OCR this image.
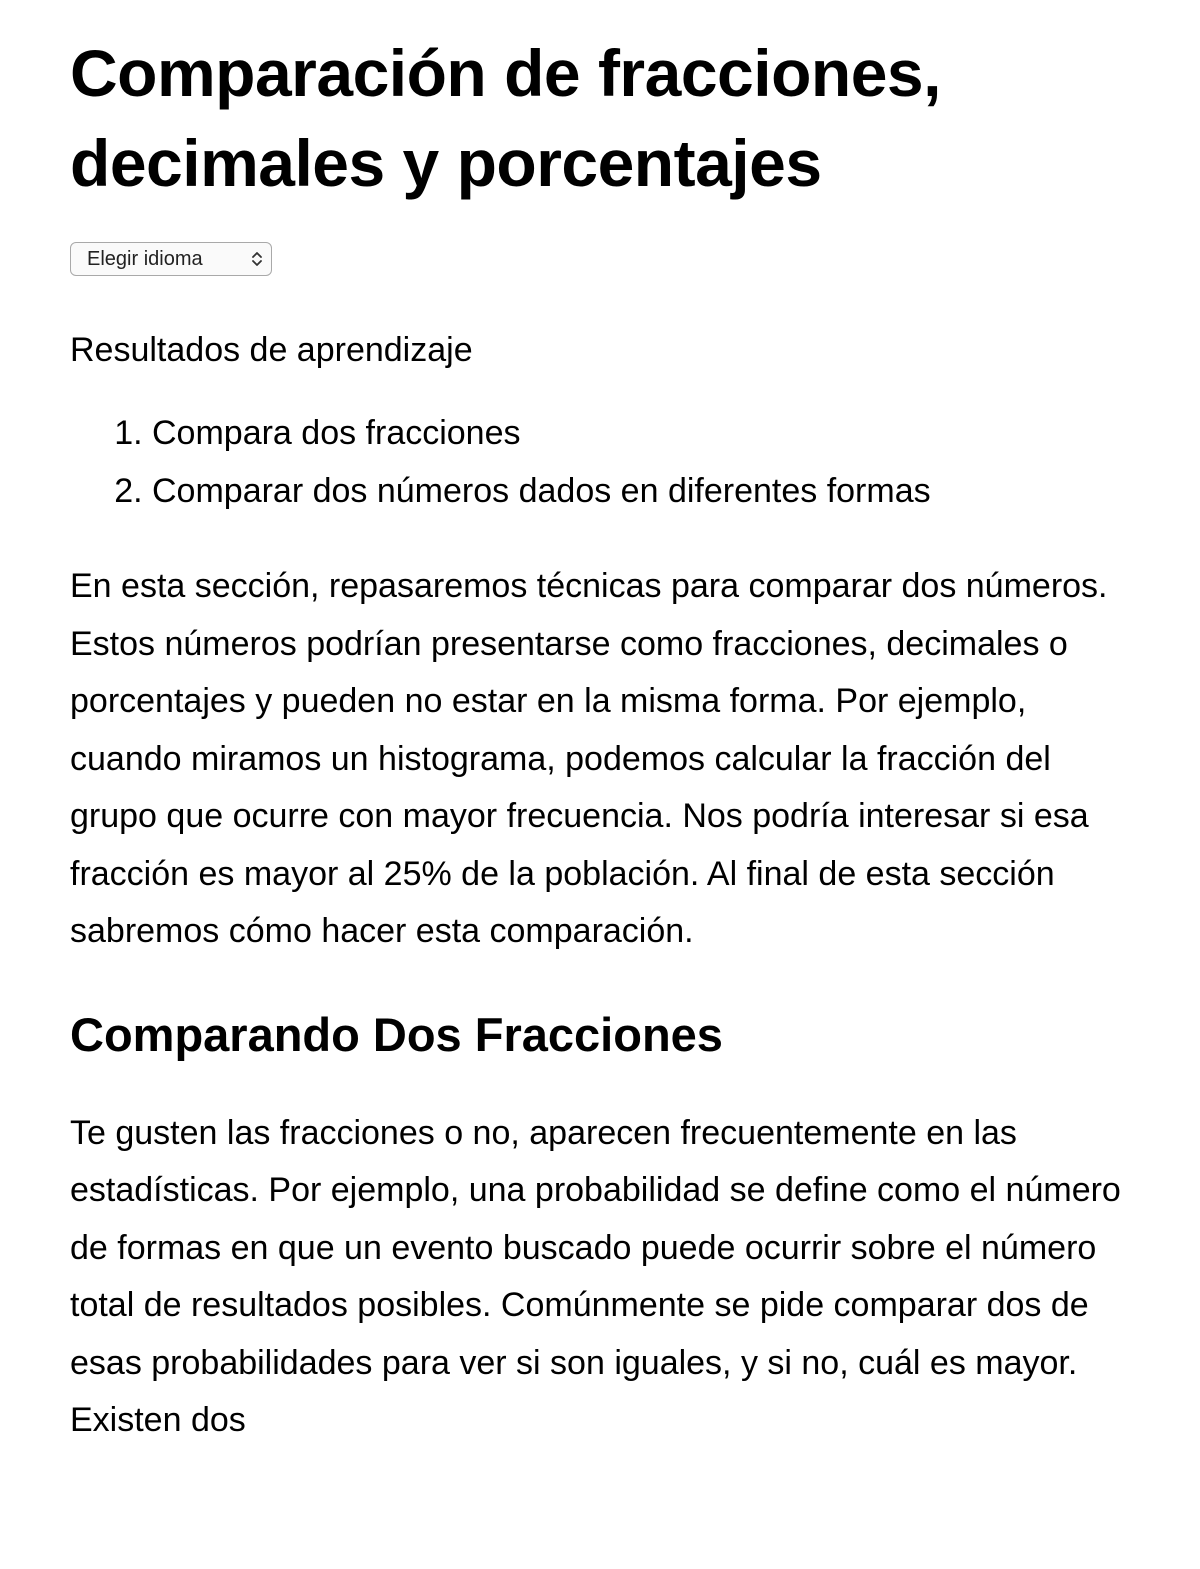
Comparación de fracciones, decimales y porcentajes
Elegir idioma

Resultados de aprendizaje

1. Compara dos fracciones
2. Comparar dos números dados en diferentes formas

En esta sección, repasaremos técnicas para comparar dos números. Estos números podrían presentarse como fracciones, decimales o porcentajes y pueden no estar en la misma forma. Por ejemplo, cuando miramos un histograma, podemos calcular la fracción del grupo que ocurre con mayor frecuencia. Nos podría interesar si esa fracción es mayor al 25% de la población. Al final de esta sección sabremos cómo hacer esta comparación.

Comparando Dos Fracciones

Te gusten las fracciones o no, aparecen frecuentemente en las estadísticas. Por ejemplo, una probabilidad se define como el número de formas en que un evento buscado puede ocurrir sobre el número total de resultados posibles. Comúnmente se pide comparar dos de esas probabilidades para ver si son iguales, y si no, cuál es mayor. Existen dos
